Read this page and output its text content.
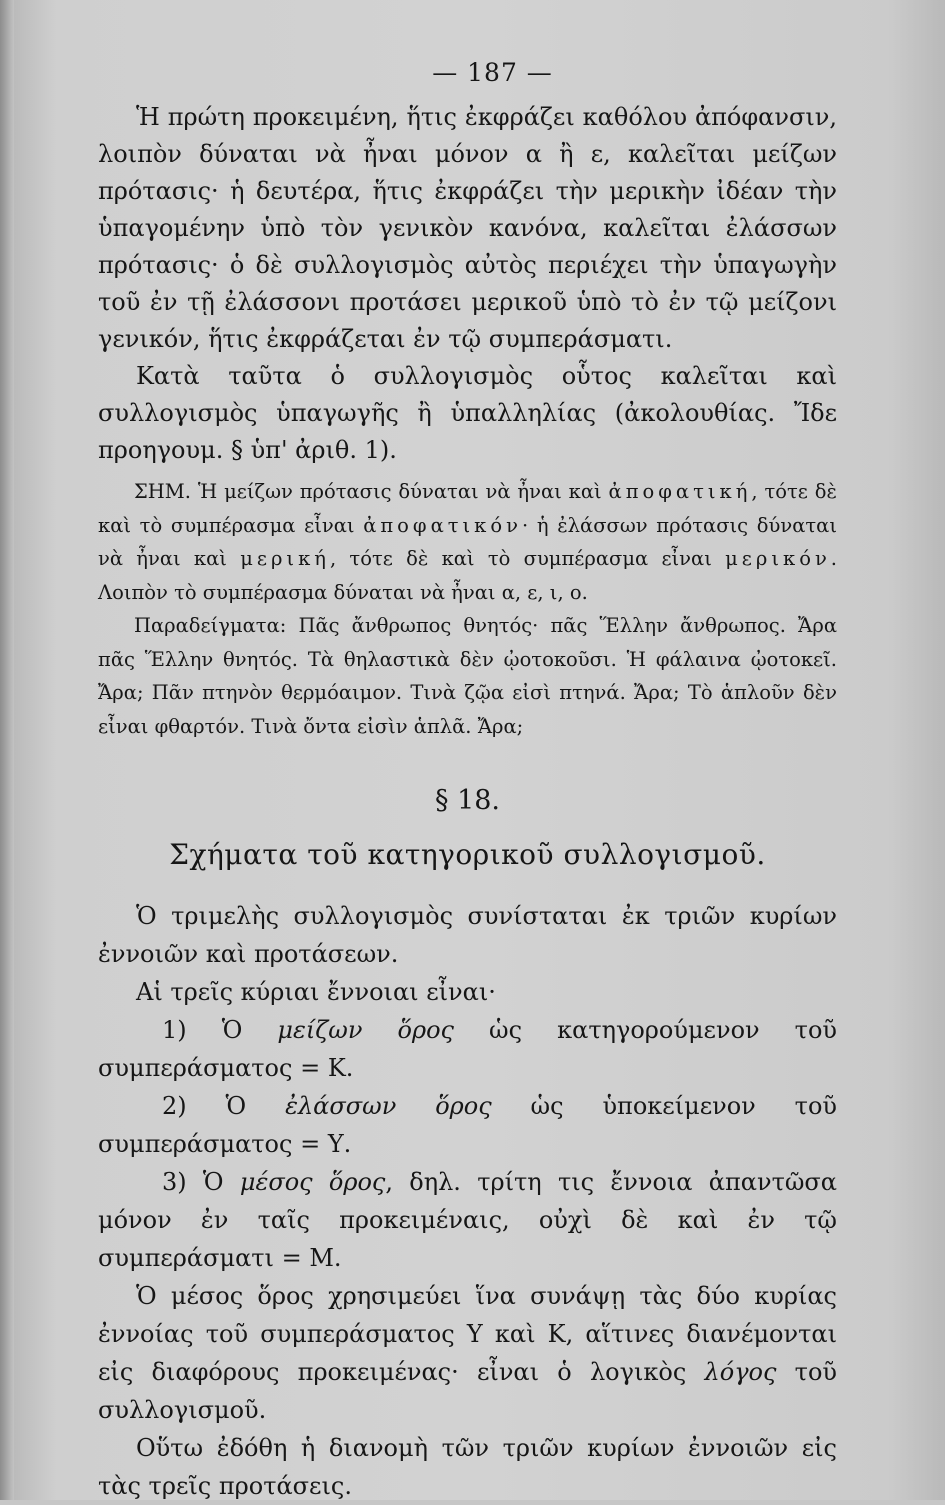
— 187 —

Ἡ πρώτη προκειμένη, ἥτις ἐκφράζει καθόλου ἀπόφανσιν, λοιπὸν δύναται νὰ ἦναι μόνον α ἢ ε, καλεῖται μείζων πρότασις· ἡ δευτέρα, ἥτις ἐκφράζει τὴν μερικὴν ἰδέαν τὴν ὑπαγομένην ὑπὸ τὸν γενικὸν κανόνα, καλεῖται ἐλάσσων πρότασις· ὁ δὲ συλλογισμὸς αὐτὸς περιέχει τὴν ὑπαγωγὴν τοῦ ἐν τῇ ἐλάσσονι προτάσει μερικοῦ ὑπὸ τὸ ἐν τῷ μείζονι γενικόν, ἥτις ἐκφράζεται ἐν τῷ συμπεράσματι.

Κατὰ ταῦτα ὁ συλλογισμὸς οὗτος καλεῖται καὶ συλλογισμὸς ὑπαγωγῆς ἢ ὑπαλληλίας (ἀκολουθίας. Ἴδε προηγουμ. § ὑπ' ἀριθ. 1).

ΣΗΜ. Ἡ μείζων πρότασις δύναται νὰ ἦναι καὶ ἀποφατική, τότε δὲ καὶ τὸ συμπέρασμα εἶναι ἀποφατικόν· ἡ ἐλάσσων πρότασις δύναται νὰ ἦναι καὶ μερική, τότε δὲ καὶ τὸ συμπέρασμα εἶναι μερικόν. Λοιπὸν τὸ συμπέρασμα δύναται νὰ ἦναι α, ε, ι, ο.

Παραδείγματα: Πᾶς ἄνθρωπος θνητός· πᾶς Ἕλλην ἄνθρωπος. Ἄρα πᾶς Ἕλλην θνητός. Τὰ θηλαστικὰ δὲν ᾠοτοκοῦσι. Ἡ φάλαινα ᾠοτοκεῖ. Ἄρα; Πᾶν πτηνὸν θερμόαιμον. Τινὰ ζῷα εἰσὶ πτηνά. Ἄρα; Τὸ ἁπλοῦν δὲν εἶναι φθαρτόν. Τινὰ ὄντα εἰσὶν ἁπλᾶ. Ἄρα;

§ 18.
Σχήματα τοῦ κατηγορικοῦ συλλογισμοῦ.

Ὁ τριμελὴς συλλογισμὸς συνίσταται ἐκ τριῶν κυρίων ἐννοιῶν καὶ προτάσεων.

Αἱ τρεῖς κύριαι ἔννοιαι εἶναι·

1) Ὁ μείζων ὅρος ὡς κατηγορούμενον τοῦ συμπεράσματος = Κ.

2) Ὁ ἐλάσσων ὅρος ὡς ὑποκείμενον τοῦ συμπεράσματος = Υ.

3) Ὁ μέσος ὅρος, δηλ. τρίτη τις ἔννοια ἀπαντῶσα μόνον ἐν ταῖς προκειμέναις, οὐχὶ δὲ καὶ ἐν τῷ συμπεράσματι = Μ.

Ὁ μέσος ὅρος χρησιμεύει ἵνα συνάψῃ τὰς δύο κυρίας ἐννοίας τοῦ συμπεράσματος Υ καὶ Κ, αἵτινες διανέμονται εἰς διαφόρους προκειμένας· εἶναι ὁ λογικὸς λόγος τοῦ συλλογισμοῦ.

Οὕτω ἐδόθη ἡ διανομὴ τῶν τριῶν κυρίων ἐννοιῶν εἰς τὰς τρεῖς προτάσεις.
